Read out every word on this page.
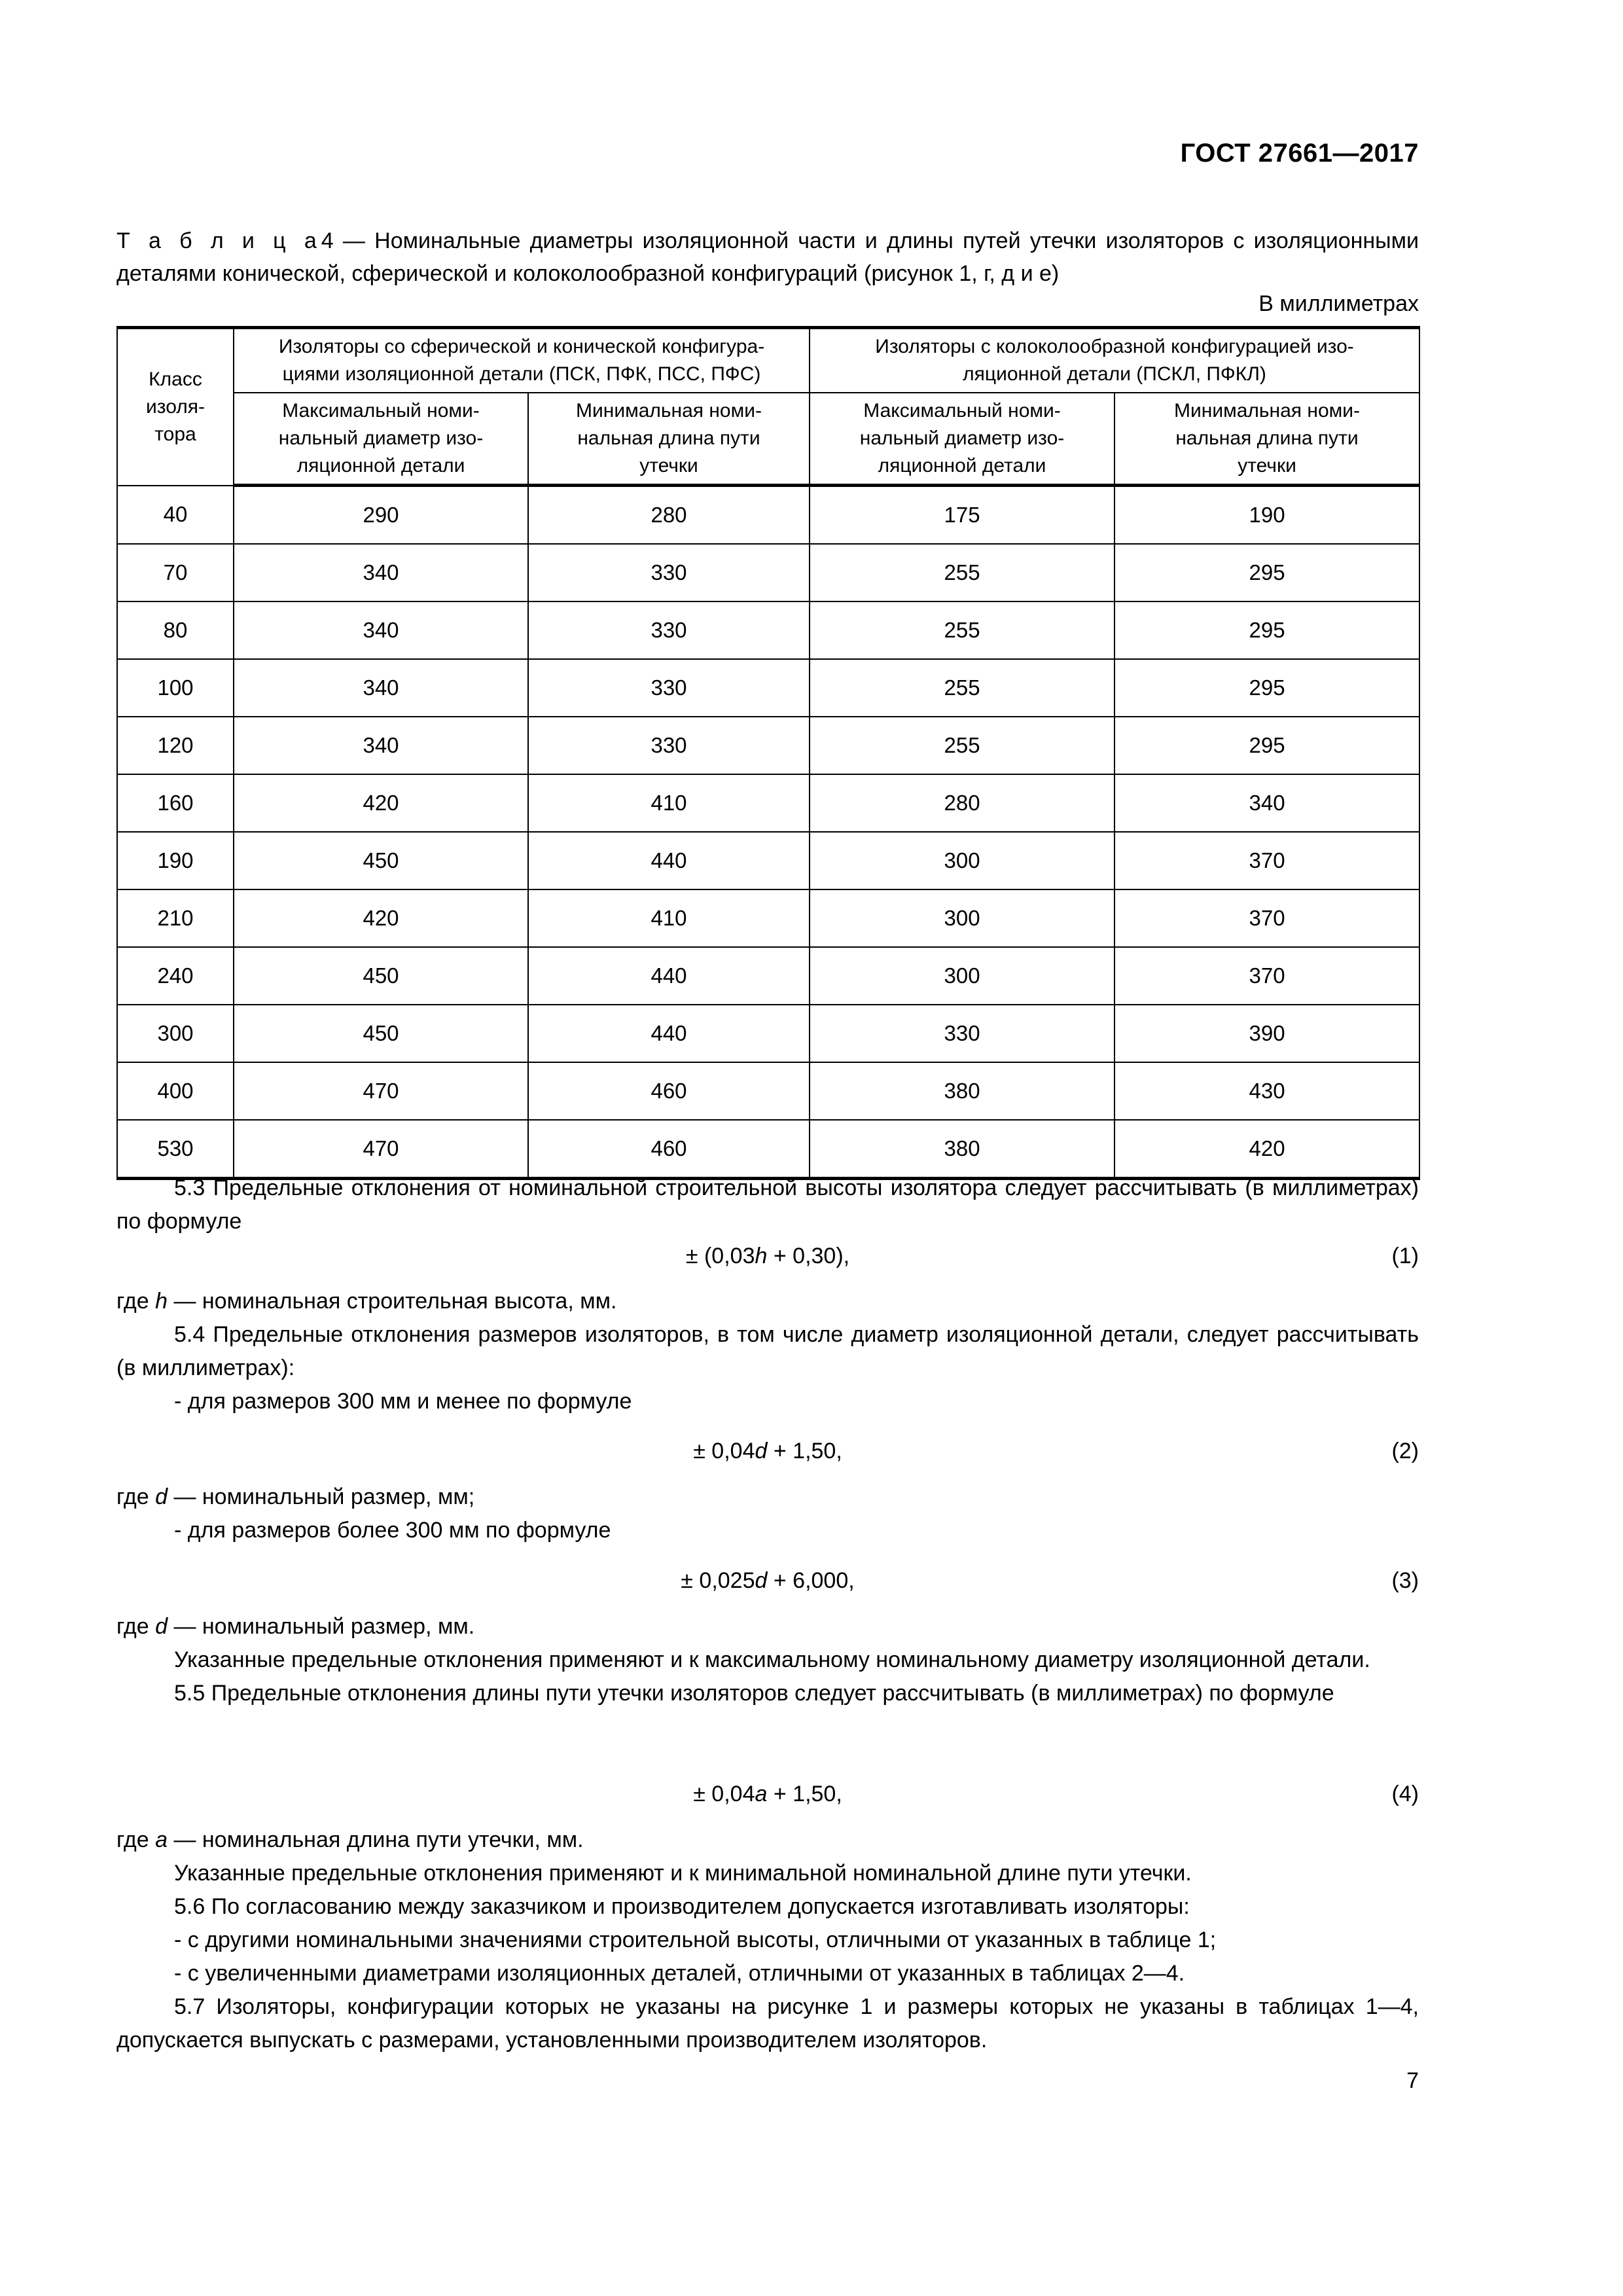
ГОСТ 27661—2017
Т а б л и ц а4 — Номинальные диаметры изоляционной части и длины путей утечки изоляторов с изоляционными деталями конической, сферической и колоколообразной конфигураций (рисунок 1, г, д и е)
В миллиметрах
Класс изоля-
тора	Изоляторы со сферической и конической конфигура-
циями изоляционной детали (ПСК, ПФК, ПСС, ПФС)		Изоляторы с колоколообразной конфигурацией изо-
ляционной детали (ПСКЛ, ПФКЛ)	
	Максимальный номи-
нальный диаметр изо-
ляционной детали	Минимальная номи-
нальная длина пути
утечки	Максимальный номи-
нальный диаметр изо-
ляционной детали	Минимальная номи-
нальная длина пути
утечки
40	290	280	175	190
70	340	330	255	295
80	340	330	255	295
100	340	330	255	295
120	340	330	255	295
160	420	410	280	340
190	450	440	300	370
210	420	410	300	370
240	450	440	300	370
300	450	440	330	390
400	470	460	380	430
530	470	460	380	420

5.3 Предельные отклонения от номинальной строительной высоты изолятора следует рассчитывать (в миллиметрах) по формуле

± (0,03h + 0,30),	(1)

где h — номинальная строительная высота, мм.

5.4 Предельные отклонения размеров изоляторов, в том числе диаметр изоляционной детали, следует рассчитывать (в миллиметрах):

- для размеров 300 мм и менее по формуле

± 0,04d + 1,50,	(2)

где d — номинальный размер, мм;

- для размеров более 300 мм по формуле

± 0,025d + 6,000,	(3)

где d — номинальный размер, мм.

Указанные предельные отклонения применяют и к максимальному номинальному диаметру изоляционной детали.

5.5 Предельные отклонения длины пути утечки изоляторов следует рассчитывать (в миллиметрах) по формуле

± 0,04a + 1,50,	(4)

где a — номинальная длина пути утечки, мм.

Указанные предельные отклонения применяют и к минимальной номинальной длине пути утечки.

5.6 По согласованию между заказчиком и производителем допускается изготавливать изоляторы:

- с другими номинальными значениями строительной высоты, отличными от указанных в таблице 1;

- с увеличенными диаметрами изоляционных деталей, отличными от указанных в таблицах 2—4.

5.7 Изоляторы, конфигурации которых не указаны на рисунке 1 и размеры которых не указаны в таблицах 1—4, допускается выпускать с размерами, установленными производителем изоляторов.

7
